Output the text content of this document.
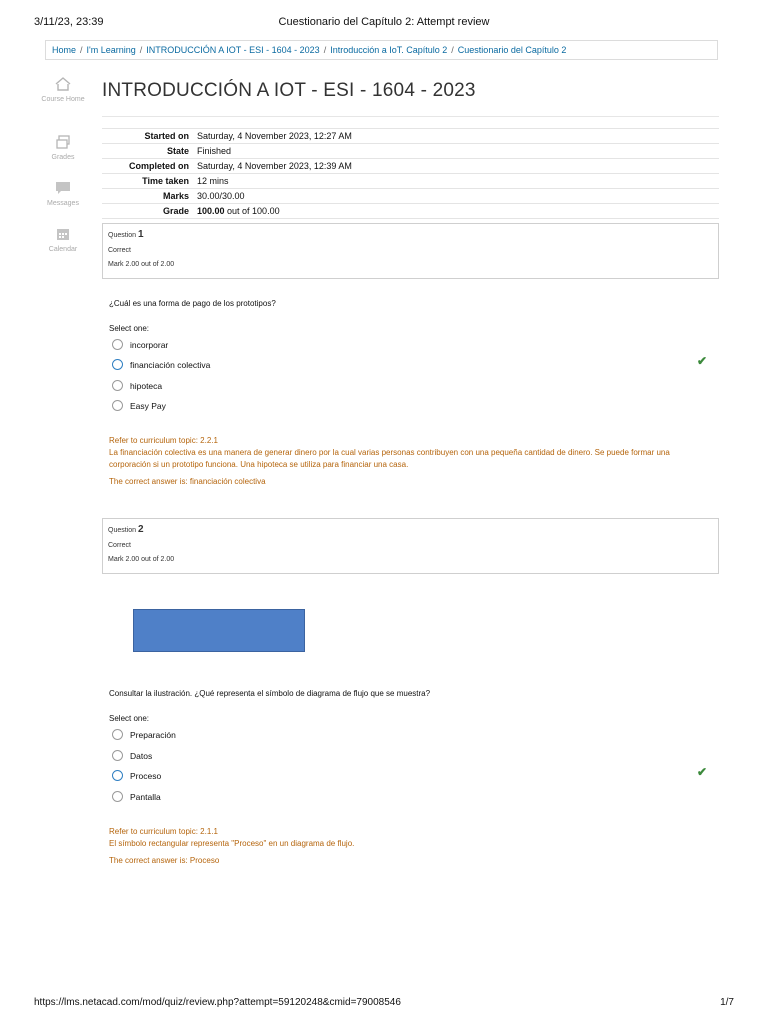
3/11/23, 23:39	Cuestionario del Capítulo 2: Attempt review
Home / I'm Learning / INTRODUCCIÓN A IOT - ESI - 1604 - 2023 / Introducción a IoT. Capítulo 2 / Cuestionario del Capítulo 2
Course Home
Grades
Messages
Calendar
INTRODUCCIÓN A IOT - ESI - 1604 - 2023
Started on	Saturday, 4 November 2023, 12:27 AM
State	Finished
Completed on	Saturday, 4 November 2023, 12:39 AM
Time taken	12 mins
Marks	30.00/30.00
Grade	100.00 out of 100.00
Question 1
Correct
Mark 2.00 out of 2.00
¿Cuál es una forma de pago de los prototipos?
Select one:
incorporar
financiación colectiva
hipoteca
Easy Pay
✔

Refer to curriculum topic: 2.2.1

La financiación colectiva es una manera de generar dinero por la cual varias personas contribuyen con una pequeña cantidad de dinero. Se puede formar una corporación si un prototipo funciona. Una hipoteca se utiliza para financiar una casa.

The correct answer is: financiación colectiva

Question 2
Correct
Mark 2.00 out of 2.00
Consultar la ilustración. ¿Qué representa el símbolo de diagrama de flujo que se muestra?
Select one:
Preparación
Datos
Proceso
Pantalla
✔

Refer to curriculum topic: 2.1.1

El símbolo rectangular representa "Proceso" en un diagrama de flujo.

The correct answer is: Proceso

https://lms.netacad.com/mod/quiz/review.php?attempt=59120248&cmid=79008546	1/7
